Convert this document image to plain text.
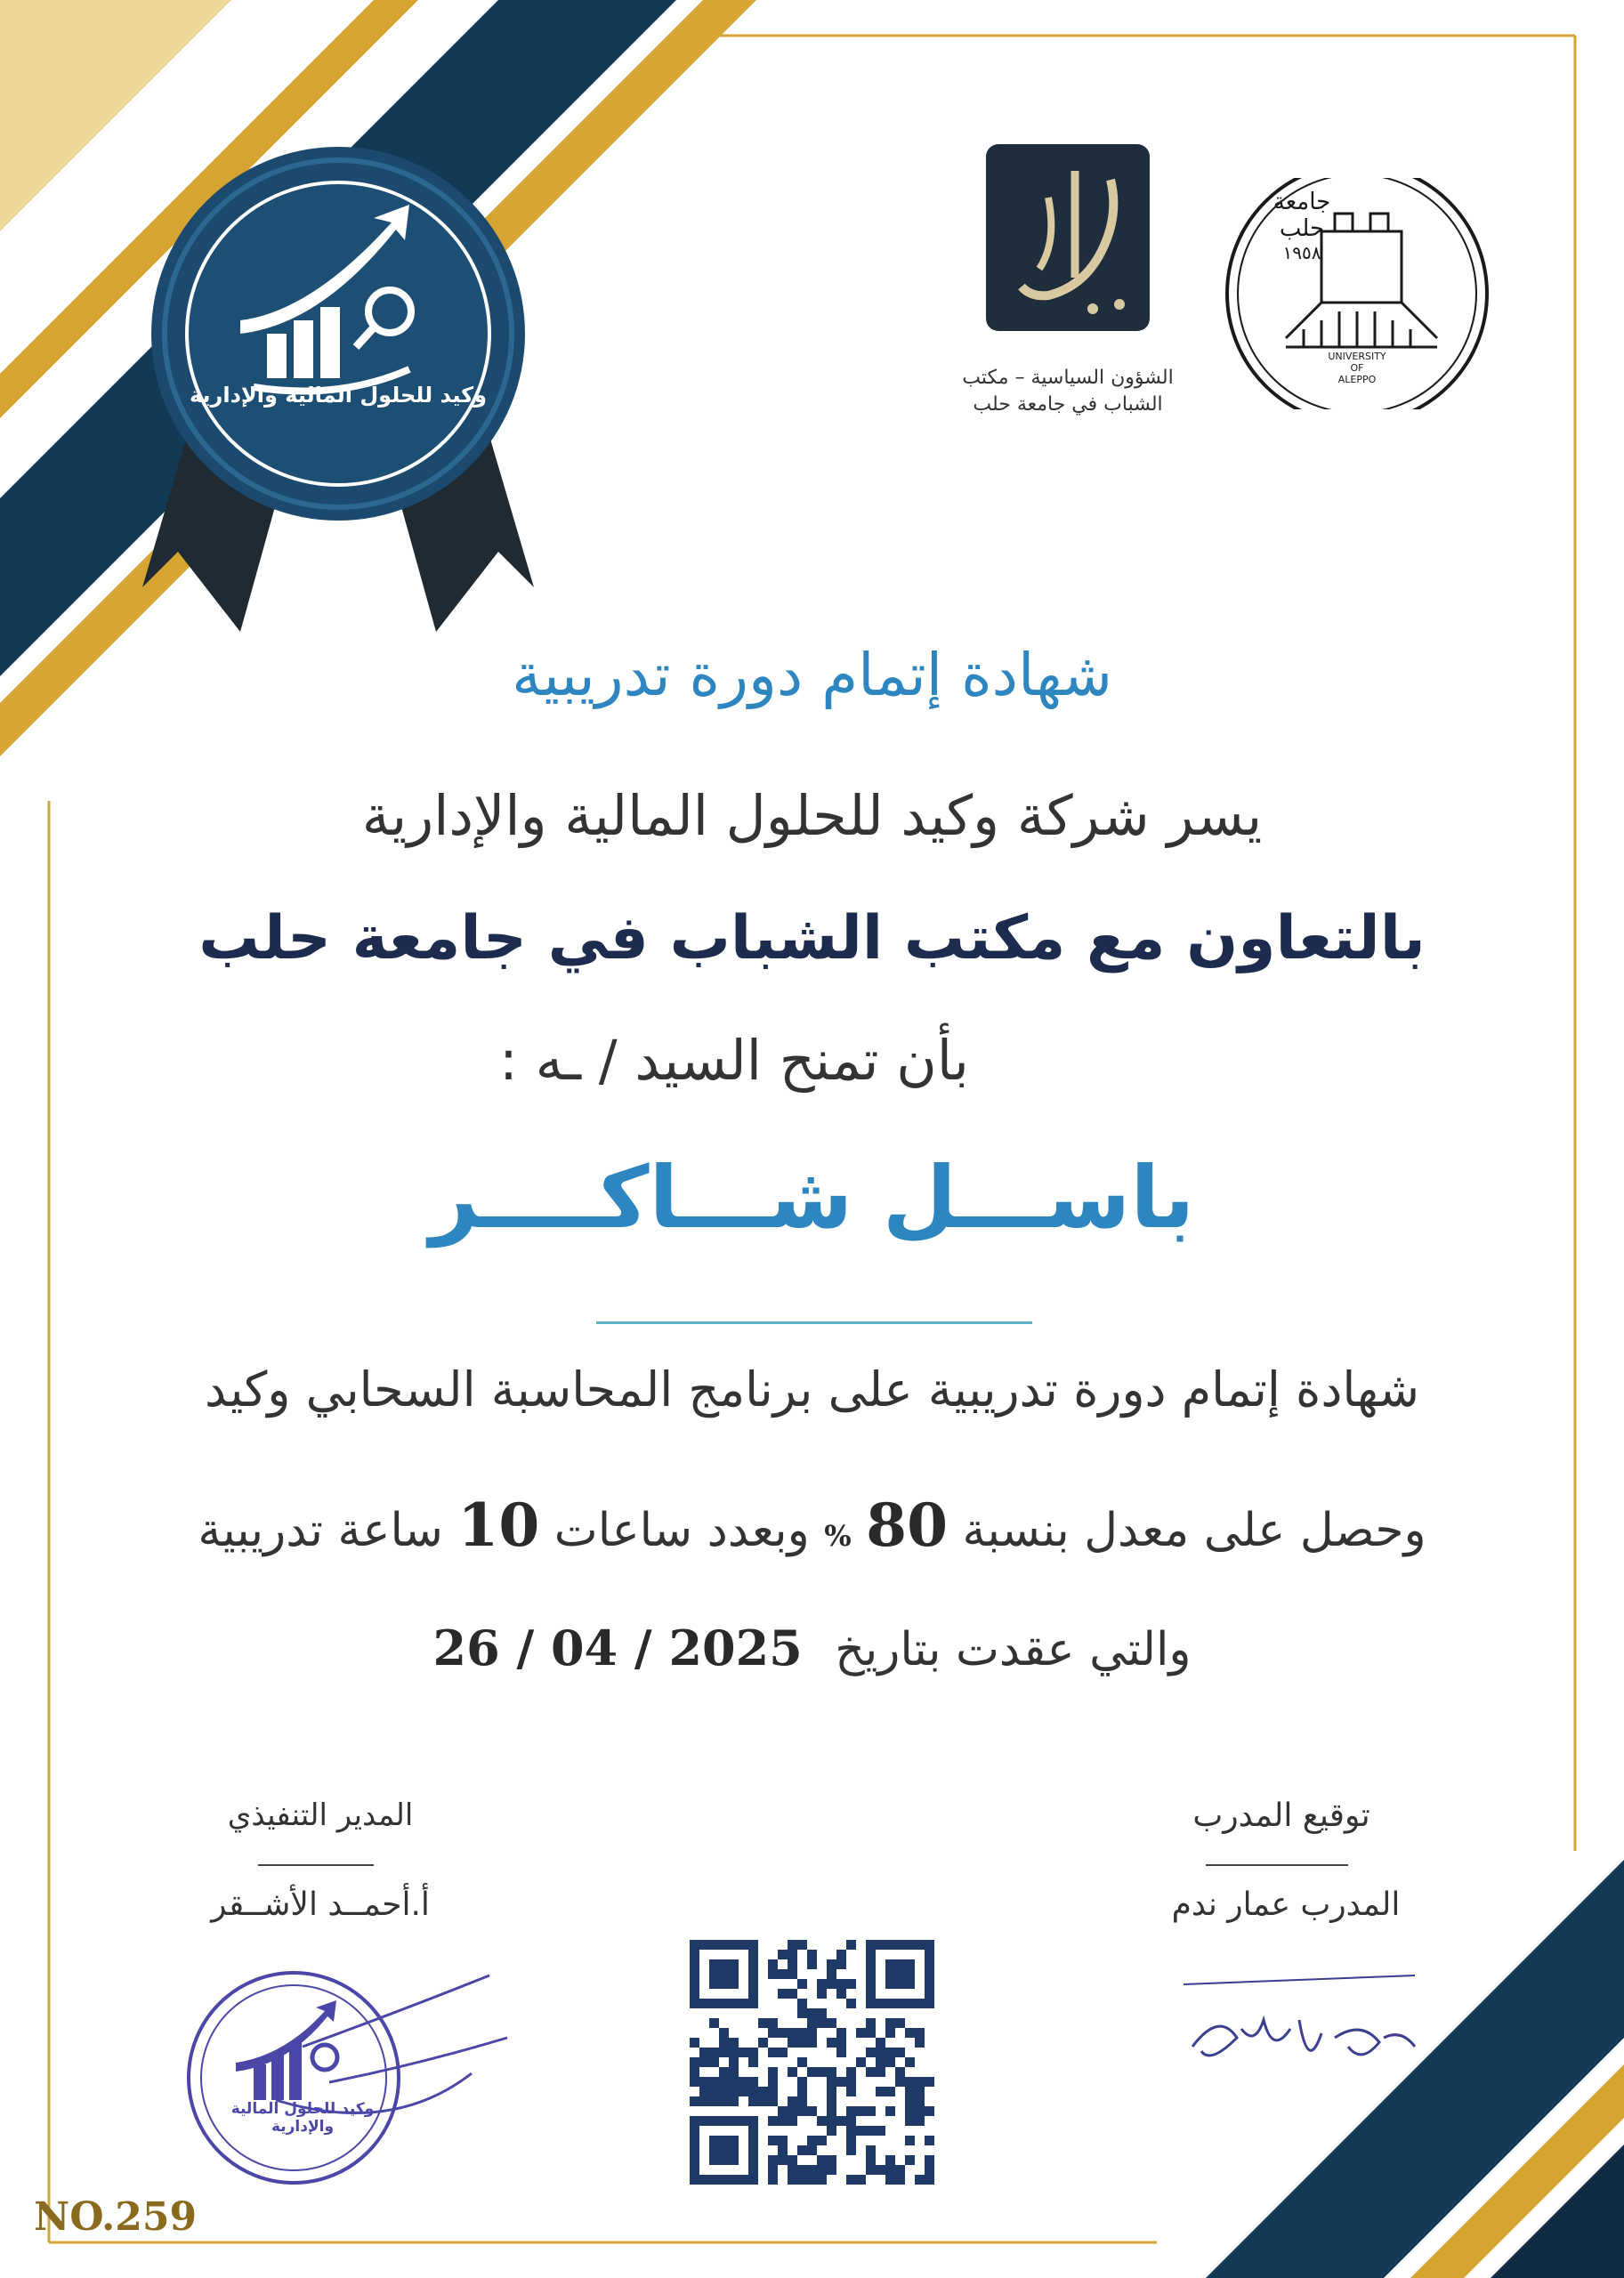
وكيد للحلول المالية والإدارية
الشؤون السياسية – مكتب
الشباب في جامعة حلب
جامعة
حلب
١٩٥٨
UNIVERSITY
OF
ALEPPO
شهادة إتمام دورة تدريبية
يسر شركة وكيد للحلول المالية والإدارية
بالتعاون مع مكتب الشباب في جامعة حلب
بأن تمنح السيد / ـه :
باســـل شـــاكــــر
شهادة إتمام دورة تدريبية على برنامج المحاسبة السحابي وكيد
وحصل على معدل بنسبة 80 % وبعدد ساعات 10 ساعة تدريبية
والتي عقدت بتاريخ 26 / 04 / 2025
المدير التنفيذي
أ.أحمــد الأشــقر
وكيد للحلول المالية والإدارية
توقيع المدرب
المدرب عمار ندم
NO.259
